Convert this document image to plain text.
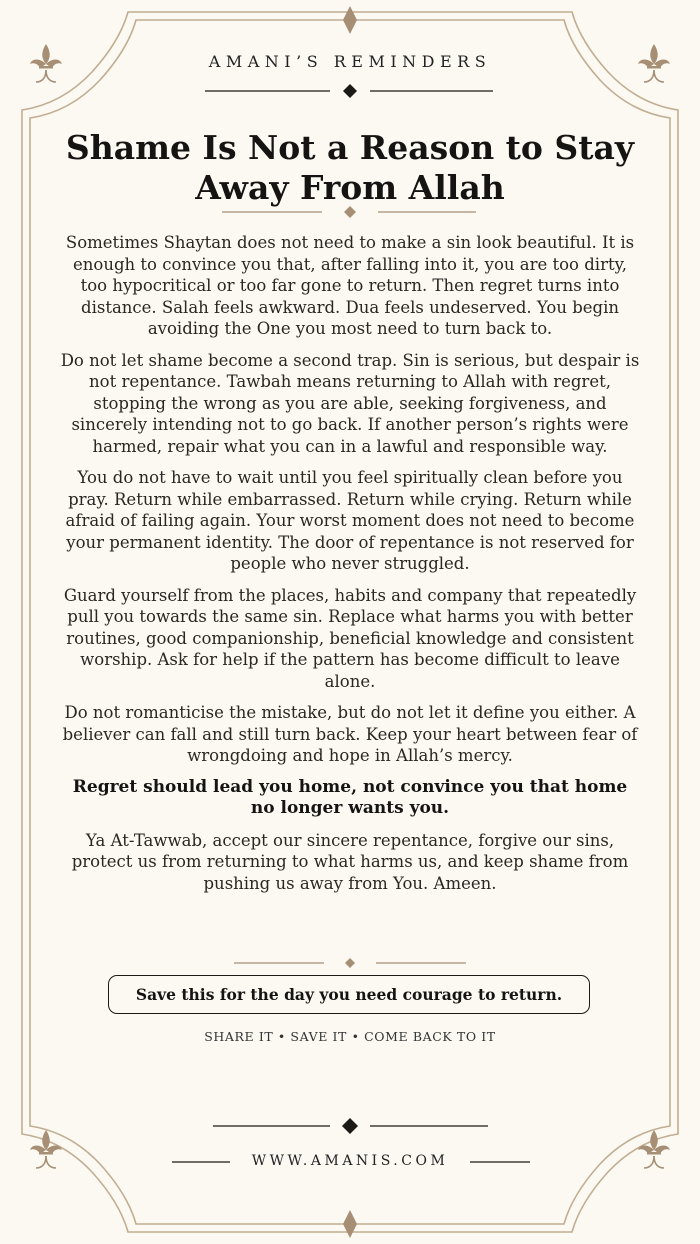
AMANI’S REMINDERS
Shame Is Not a Reason to Stay
Away From Allah

Sometimes Shaytan does not need to make a sin look beautiful. It is enough to convince you that, after falling into it, you are too dirty, too hypocritical or too far gone to return. Then regret turns into distance. Salah feels awkward. Dua feels undeserved. You begin avoiding the One you most need to turn back to.

Do not let shame become a second trap. Sin is serious, but despair is not repentance. Tawbah means returning to Allah with regret, stopping the wrong as you are able, seeking forgiveness, and sincerely intending not to go back. If another person’s rights were harmed, repair what you can in a lawful and responsible way.

You do not have to wait until you feel spiritually clean before you pray. Return while embarrassed. Return while crying. Return while afraid of failing again. Your worst moment does not need to become your permanent identity. The door of repentance is not reserved for people who never struggled.

Guard yourself from the places, habits and company that repeatedly pull you towards the same sin. Replace what harms you with better routines, good companionship, beneficial knowledge and consistent worship. Ask for help if the pattern has become difficult to leave alone.

Do not romanticise the mistake, but do not let it define you either. A believer can fall and still turn back. Keep your heart between fear of wrongdoing and hope in Allah’s mercy.

Regret should lead you home, not convince you that home no longer wants you.

Ya At-Tawwab, accept our sincere repentance, forgive our sins, protect us from returning to what harms us, and keep shame from pushing us away from You. Ameen.

Save this for the day you need courage to return.
SHARE IT • SAVE IT • COME BACK TO IT
WWW.AMANIS.COM
